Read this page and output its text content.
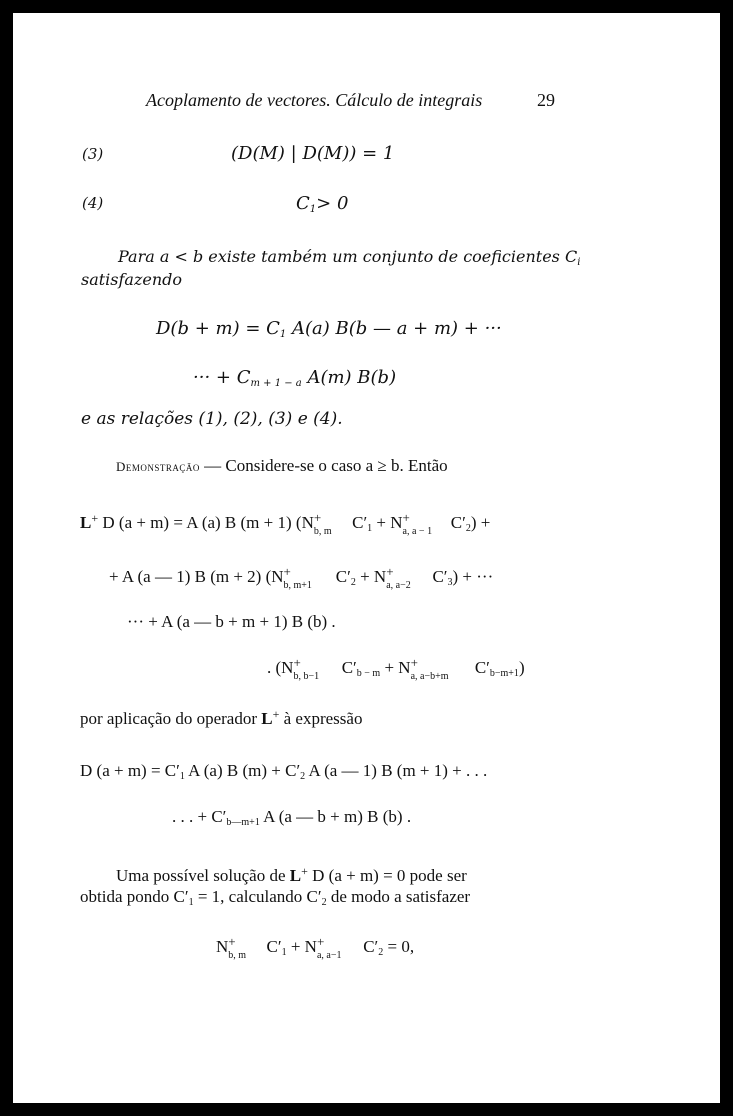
Acoplamento de vectores. Cálculo de integrais	29
(3)	(D(M) | D(M)) = 1
(4)	$C_1> 0$
Para a < b existe também um conjunto de coeficientes $C_i$
satisfazendo
$D(b + m) = C_1$ A(a) B(b — a + m) + ···
··· + $C_{m + 1 - a}$ A(m) B(b)
e as relações (1), (2), (3) e (4).
Demonstração — Considere-se o caso a ≥ b. Então
L+ D (a + m) = A (a) B (m + 1) (N +
b, m $C'_1 + N$ +
a, a − 1 $C'_2$) +
+ A (a — 1) B (m + 2) (N +
b, m+1 $C'_2 + N$ +
a, a−2 $C'_3$) + ···
··· + A (a — b + m + 1) B (b) .
. (N +
b, b−1 $C'_{b - m} + N$ +
a, a−b+m $C'_{b-m+1}$)
por aplicação do operador L+ à expressão
D $(a + m) = C'_1$ A (a) B $(m) + C'_2$ A (a — 1) B (m + 1) + . . .
. . . + $C'_{b—m+1}$ A (a — b + m) B (b) .
Uma possível solução de L+ D (a + m) = 0 pode ser
obtida pondo $C'_1 = 1$, calculando $C'_2$ de modo a satisfazer
N +
b, m $C'_1 + N$ +
a, a−1 $C'_2 = 0$,
